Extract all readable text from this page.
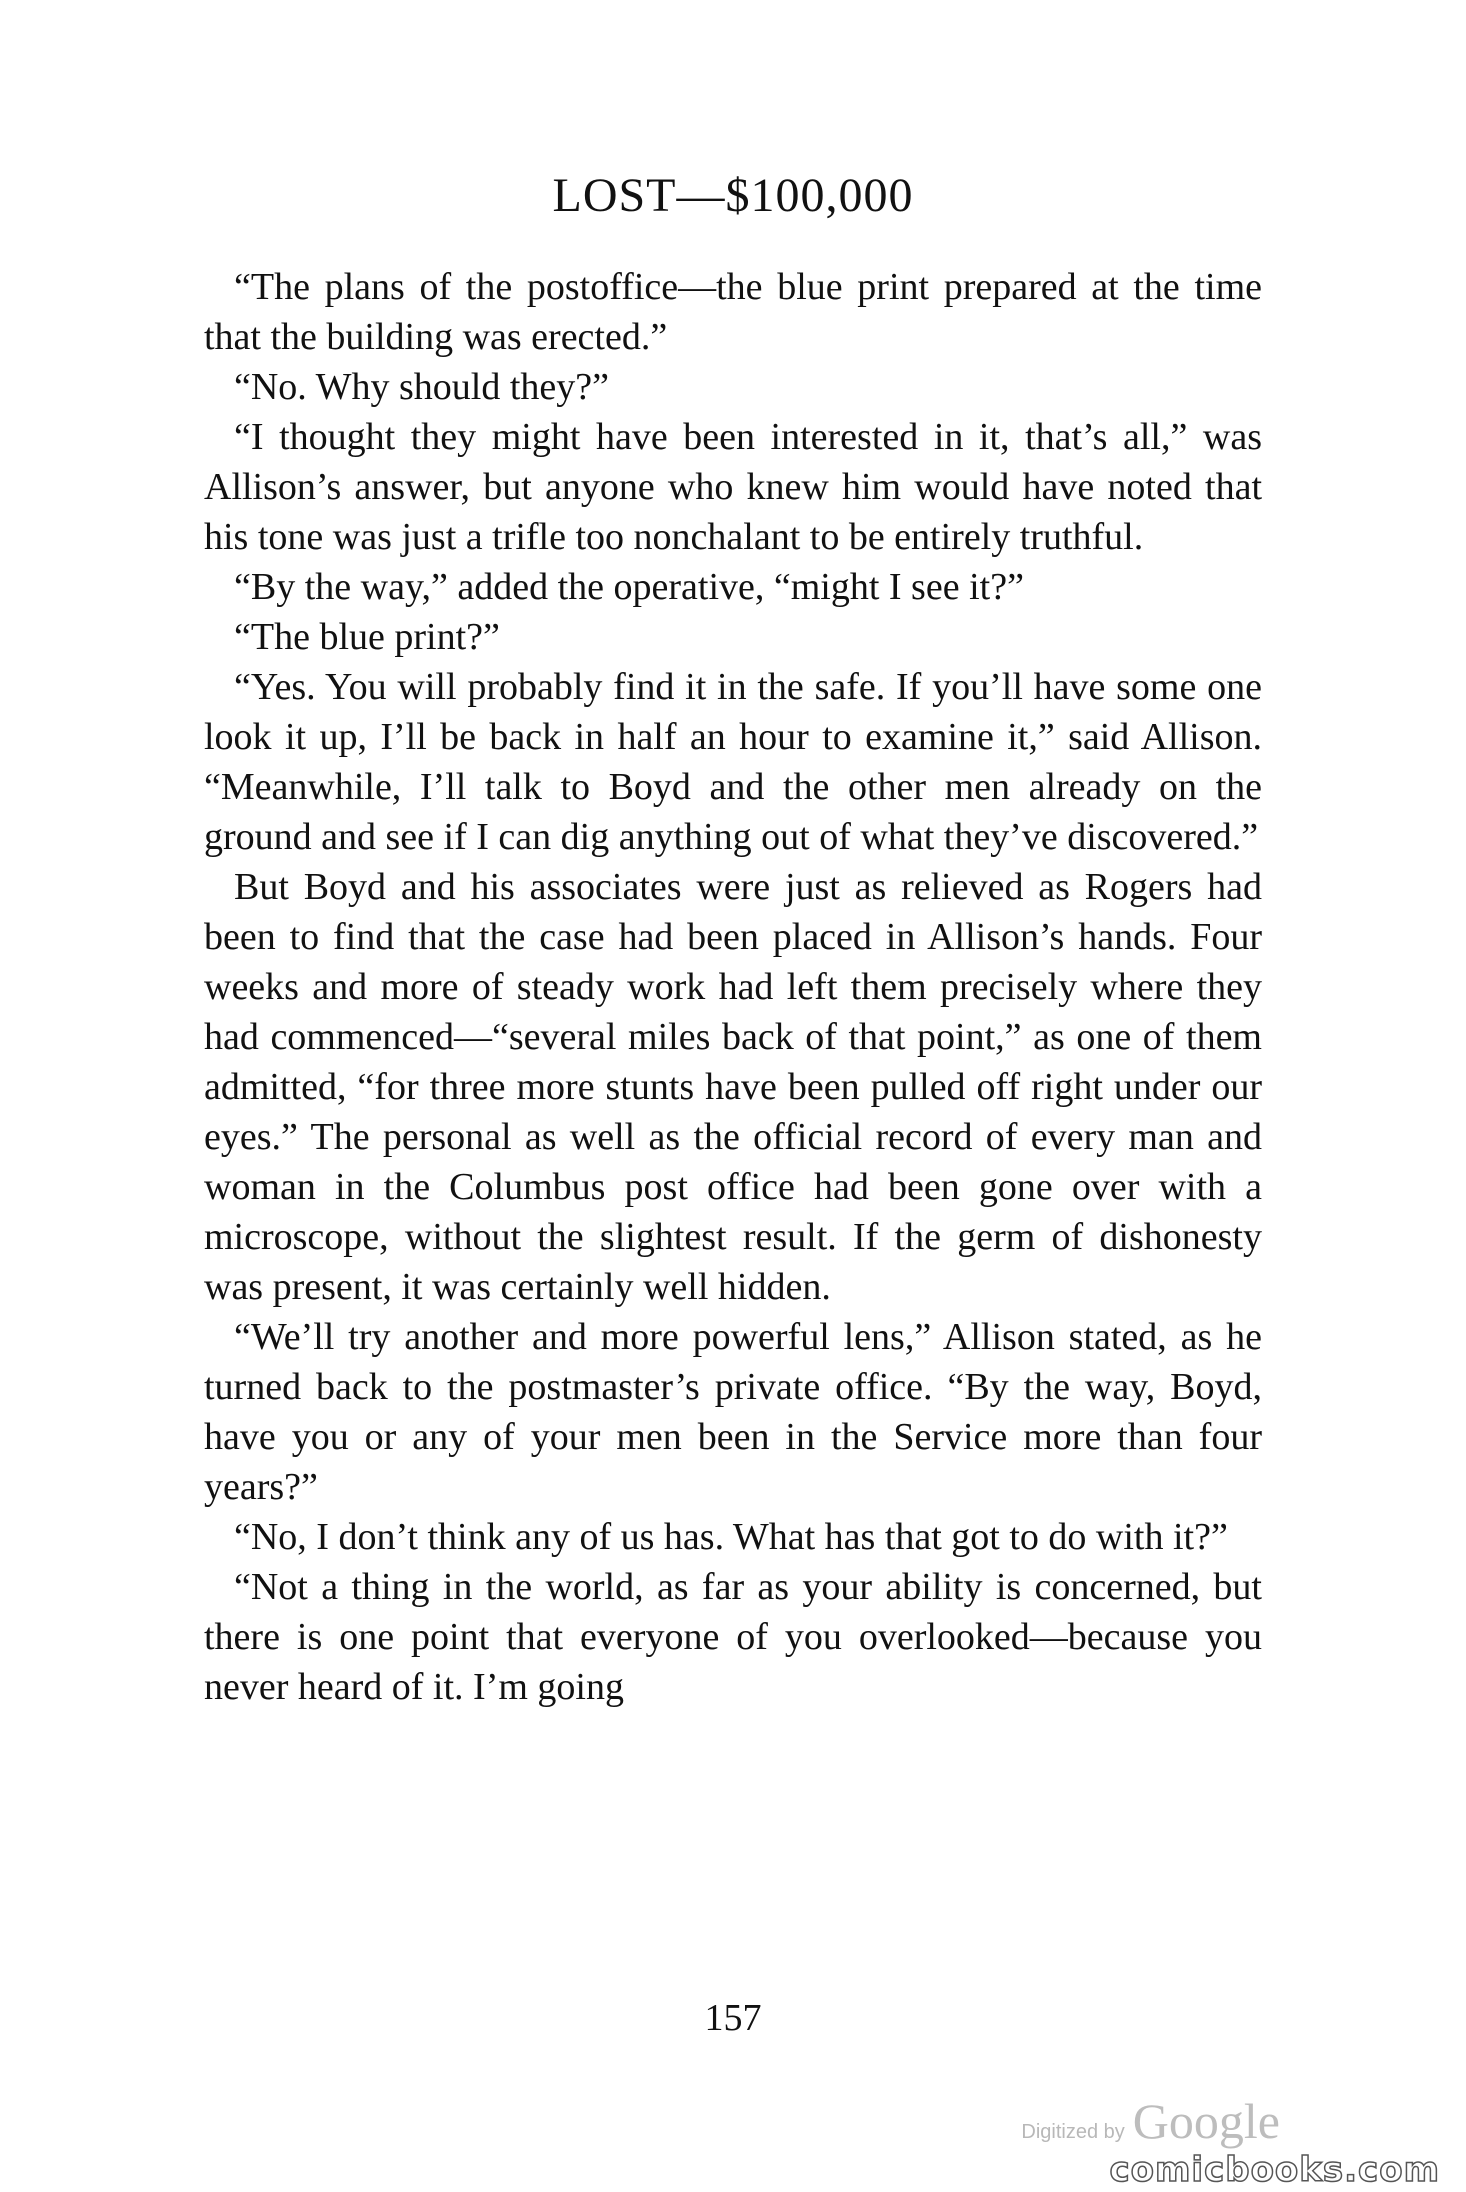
LOST—$100,000

“The plans of the postoffice—the blue print prepared at the time that the building was erected.”

“No. Why should they?”

“I thought they might have been interested in it, that’s all,” was Allison’s answer, but anyone who knew him would have noted that his tone was just a trifle too nonchalant to be entirely truthful.

“By the way,” added the operative, “might I see it?”

“The blue print?”

“Yes. You will probably find it in the safe. If you’ll have some one look it up, I’ll be back in half an hour to examine it,” said Allison. “Meanwhile, I’ll talk to Boyd and the other men already on the ground and see if I can dig anything out of what they’ve discovered.”

But Boyd and his associates were just as relieved as Rogers had been to find that the case had been placed in Allison’s hands. Four weeks and more of steady work had left them precisely where they had commenced—“several miles back of that point,” as one of them admitted, “for three more stunts have been pulled off right under our eyes.” The personal as well as the official record of every man and woman in the Columbus post office had been gone over with a microscope, without the slightest result. If the germ of dishonesty was present, it was certainly well hidden.

“We’ll try another and more powerful lens,” Allison stated, as he turned back to the postmaster’s private office. “By the way, Boyd, have you or any of your men been in the Service more than four years?”

“No, I don’t think any of us has. What has that got to do with it?”

“Not a thing in the world, as far as your ability is concerned, but there is one point that everyone of you overlooked—because you never heard of it. I’m going

157
Digitized by Google
comicbooks.com
